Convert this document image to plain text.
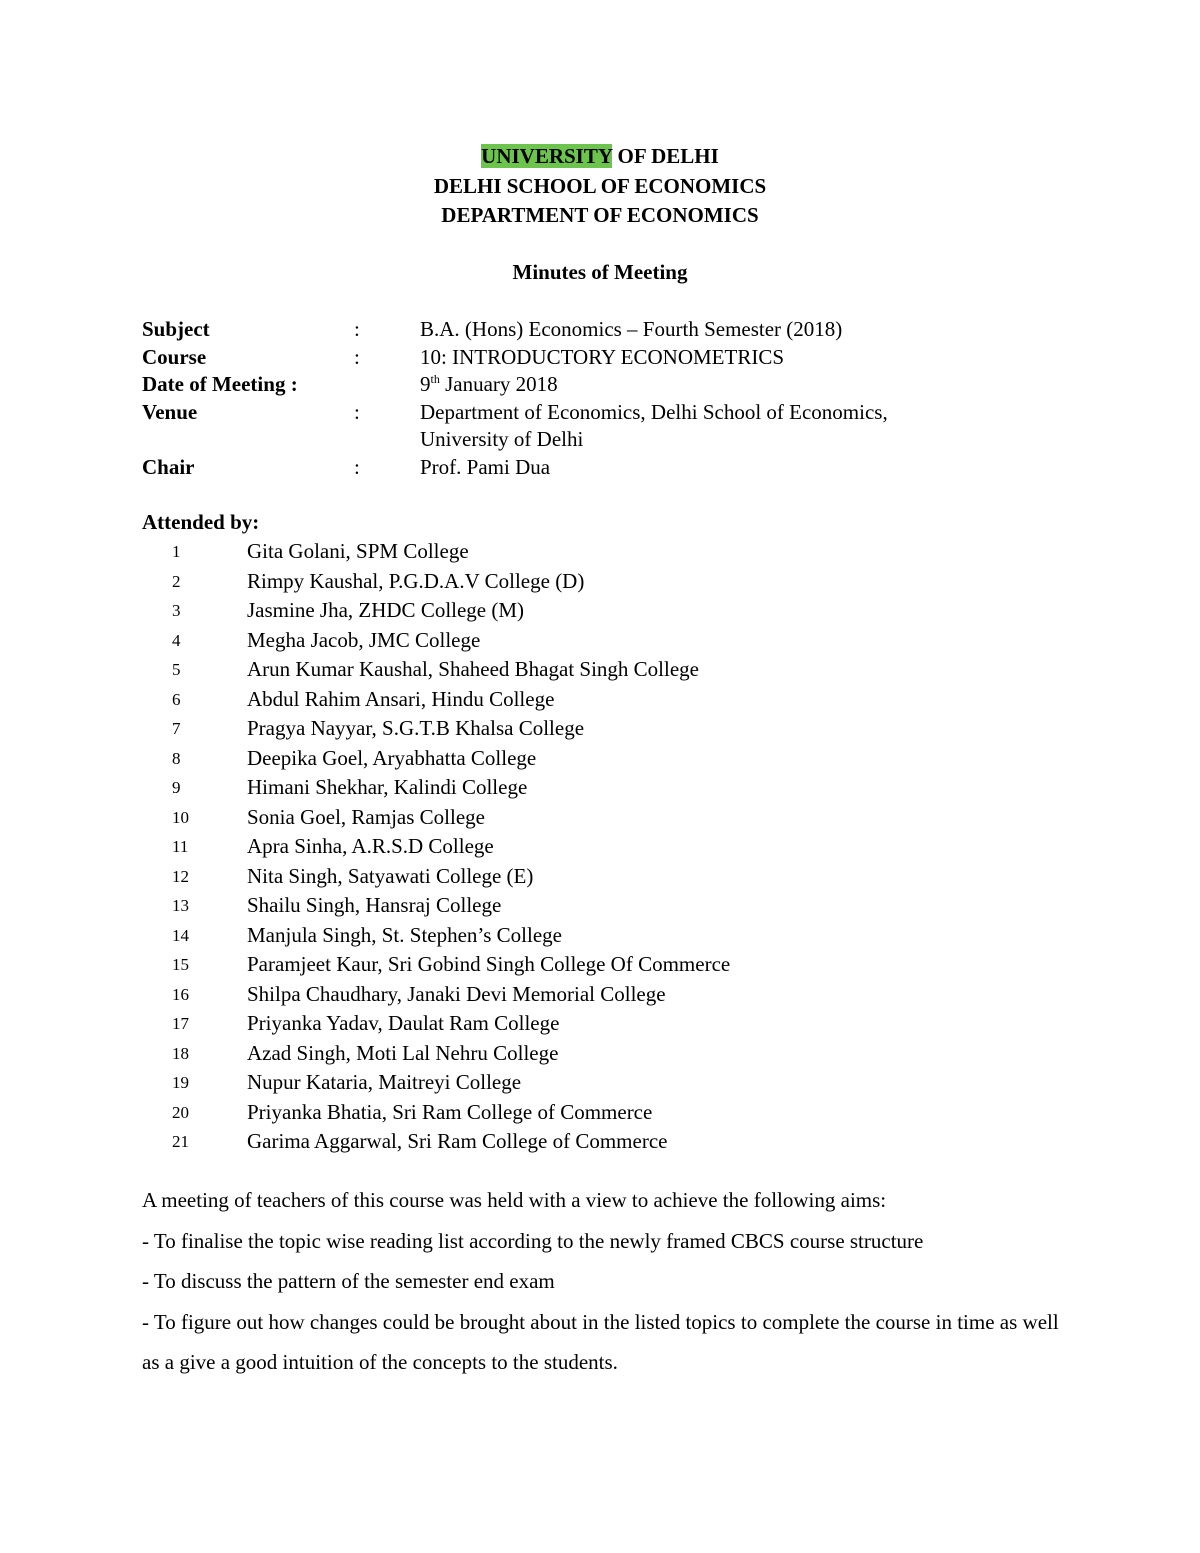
UNIVERSITY OF DELHI
DELHI SCHOOL OF ECONOMICS
DEPARTMENT OF ECONOMICS
Minutes of Meeting
Subject	:	B.A. (Hons) Economics – Fourth Semester (2018)
Course	:	10: INTRODUCTORY ECONOMETRICS
Date of Meeting :	9th January 2018
Venue	:	Department of Economics, Delhi School of Economics,
University of Delhi
Chair	:	Prof. Pami Dua
Attended by:
1	Gita Golani, SPM College
2	Rimpy Kaushal, P.G.D.A.V College (D)
3	Jasmine Jha, ZHDC College (M)
4	Megha Jacob, JMC College
5	Arun Kumar Kaushal, Shaheed Bhagat Singh College
6	Abdul Rahim Ansari, Hindu College
7	Pragya Nayyar, S.G.T.B Khalsa College
8	Deepika Goel, Aryabhatta College
9	Himani Shekhar, Kalindi College
10	Sonia Goel, Ramjas College
11	Apra Sinha, A.R.S.D College
12	Nita Singh, Satyawati College (E)
13	Shailu Singh, Hansraj College
14	Manjula Singh, St. Stephen’s College
15	Paramjeet Kaur, Sri Gobind Singh College Of Commerce
16	Shilpa Chaudhary, Janaki Devi Memorial College
17	Priyanka Yadav, Daulat Ram College
18	Azad Singh, Moti Lal Nehru College
19	Nupur Kataria, Maitreyi College
20	Priyanka Bhatia, Sri Ram College of Commerce
21	Garima Aggarwal, Sri Ram College of Commerce

A meeting of teachers of this course was held with a view to achieve the following aims:

- To finalise the topic wise reading list according to the newly framed CBCS course structure

- To discuss the pattern of the semester end exam

- To figure out how changes could be brought about in the listed topics to complete the course in time as well as a give a good intuition of the concepts to the students.
